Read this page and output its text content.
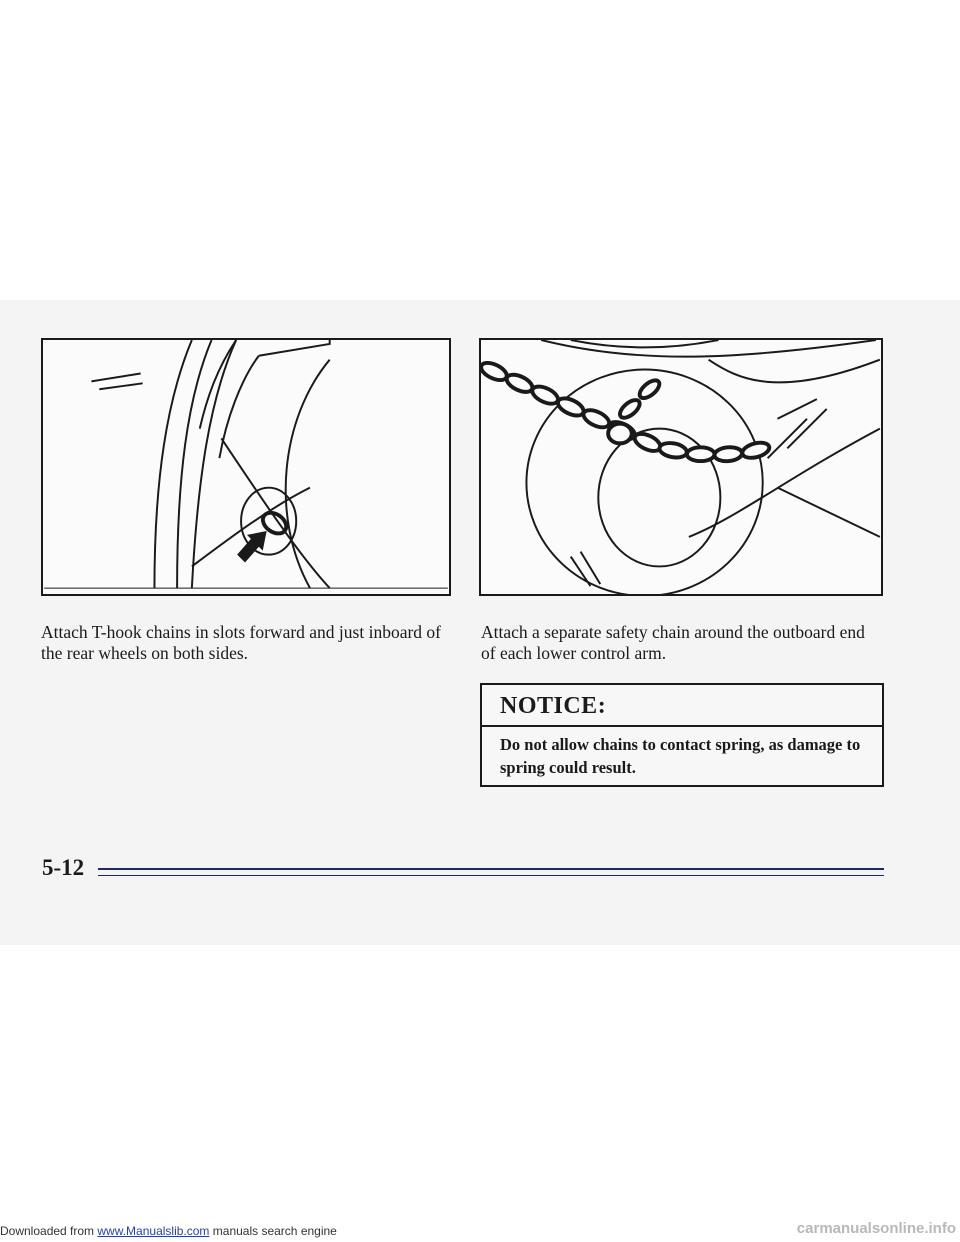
Attach T-hook chains in slots forward and just inboard of the rear wheels on both sides.

Attach a separate safety chain around the outboard end of each lower control arm.

NOTICE:
Do not allow chains to contact spring, as damage to spring could result.
5-12
Downloaded from www.Manualslib.com manuals search engine	carmanualsonline.info
